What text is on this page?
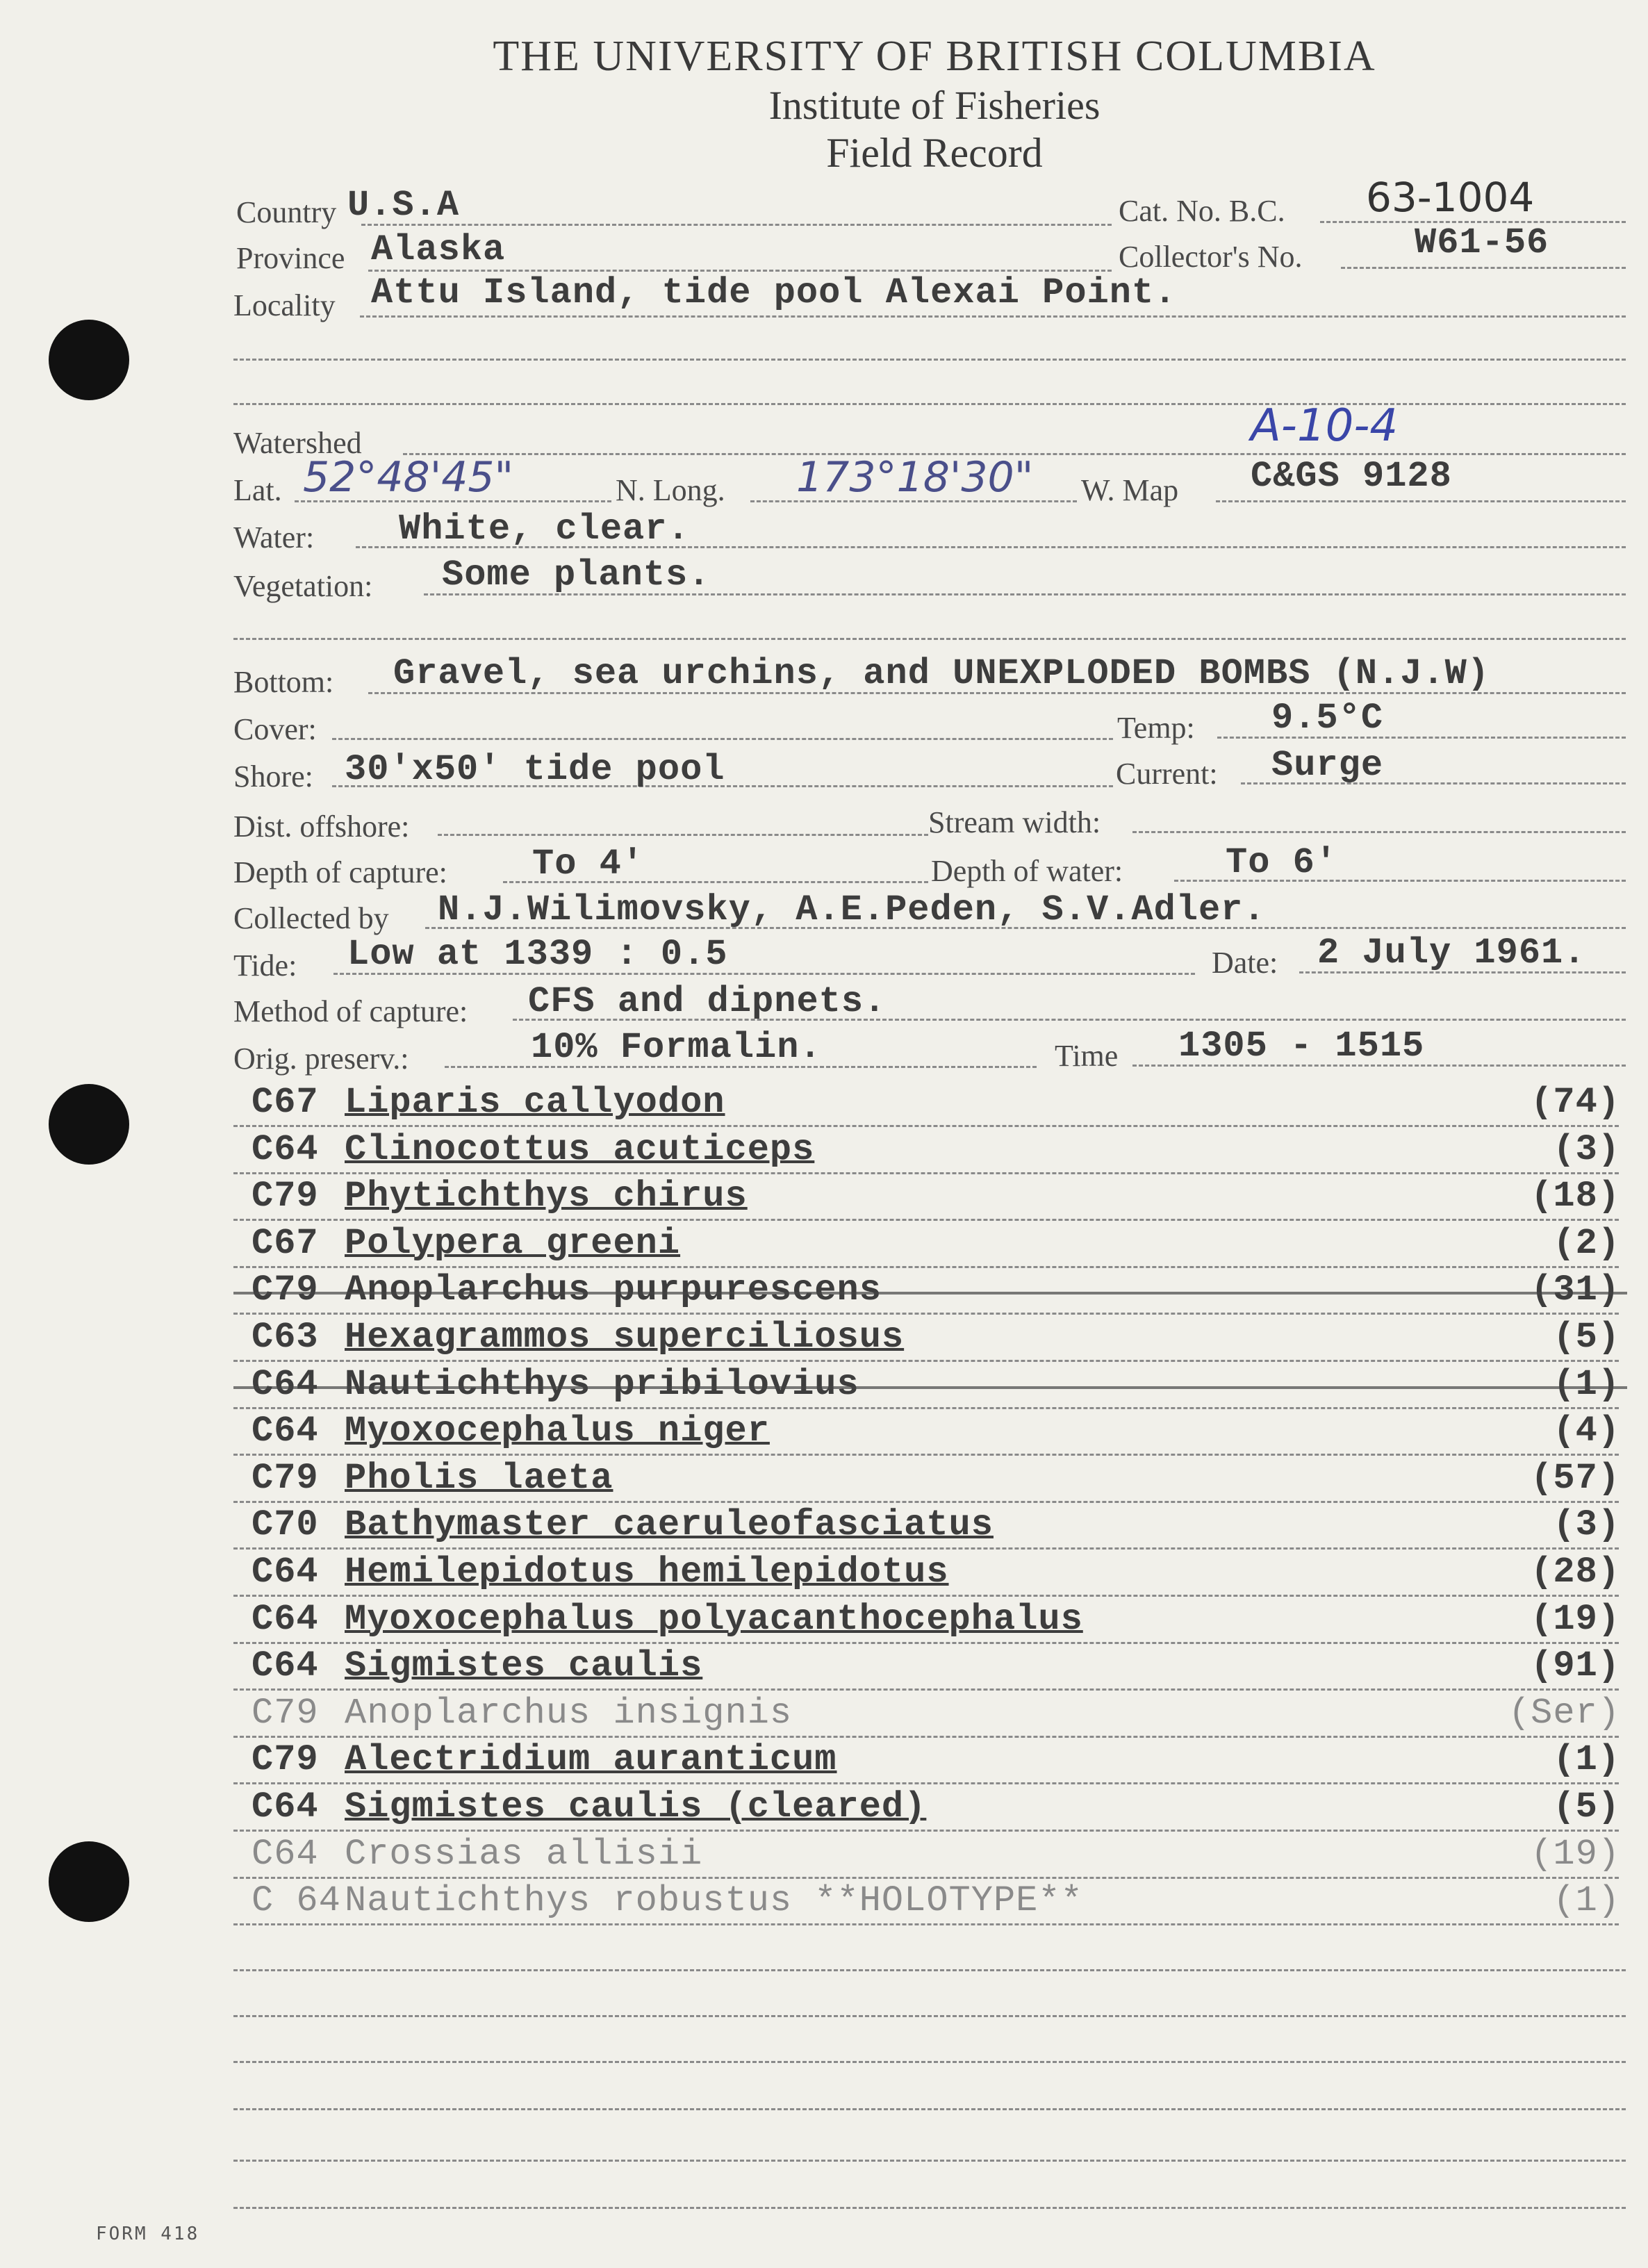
THE UNIVERSITY OF BRITISH COLUMBIA
Institute of Fisheries
Field Record
Country U.S.A	Cat. No. B.C. 63-1004
Province Alaska	Collector's No.	W61-56
Locality Attu Island, tide pool Alexai Point.
Watershed	A-10-4
Lat. 52°48'45"	N. Long. 173°18'30" W. Map C&GS 9128
Water: White, clear.
Vegetation: Some plants.
Bottom: Gravel, sea urchins, and UNEXPLODED BOMBS (N.J.W)
Cover:	Temp: 9.5°C
Shore: 30'x50' tide pool	Current: Surge
Dist. offshore:	Stream width:
Depth of capture: To 4'	Depth of water:	To 6'
Collected by N.J.Wilimovsky, A.E.Peden, S.V.Adler.
Tide: Low at 1339 : 0.5	Date: 2 July 1961.
Method of capture: CFS and dipnets.
Orig. preserv.:	10% Formalin.	Time 1305 - 1515
C67 Liparis callyodon	(74)
C64 Clinocottus acuticeps	(3)
C79 Phytichthys chirus	(18)
C67 Polypera greeni	(2)
C79 Anoplarchus purpurescens	(31)
C63 Hexagrammos superciliosus	(5)
C64 Nautichthys pribilovius	(1)
C64 Myoxocephalus niger	(4)
C79 Pholis laeta	(57)
C70 Bathymaster caeruleofasciatus	(3)
C64 Hemilepidotus hemilepidotus	(28)
C64 Myoxocephalus polyacanthocephalus	(19)
C64 Sigmistes caulis	(91)
C79 Anoplarchus insignis	(Ser)
C79 Alectridium auranticum	(1)
C64 Sigmistes caulis (cleared)	(5)
C64 Crossias allisii	(19)
C 64 Nautichthys robustus **HOLOTYPE**	(1)
FORM 418
